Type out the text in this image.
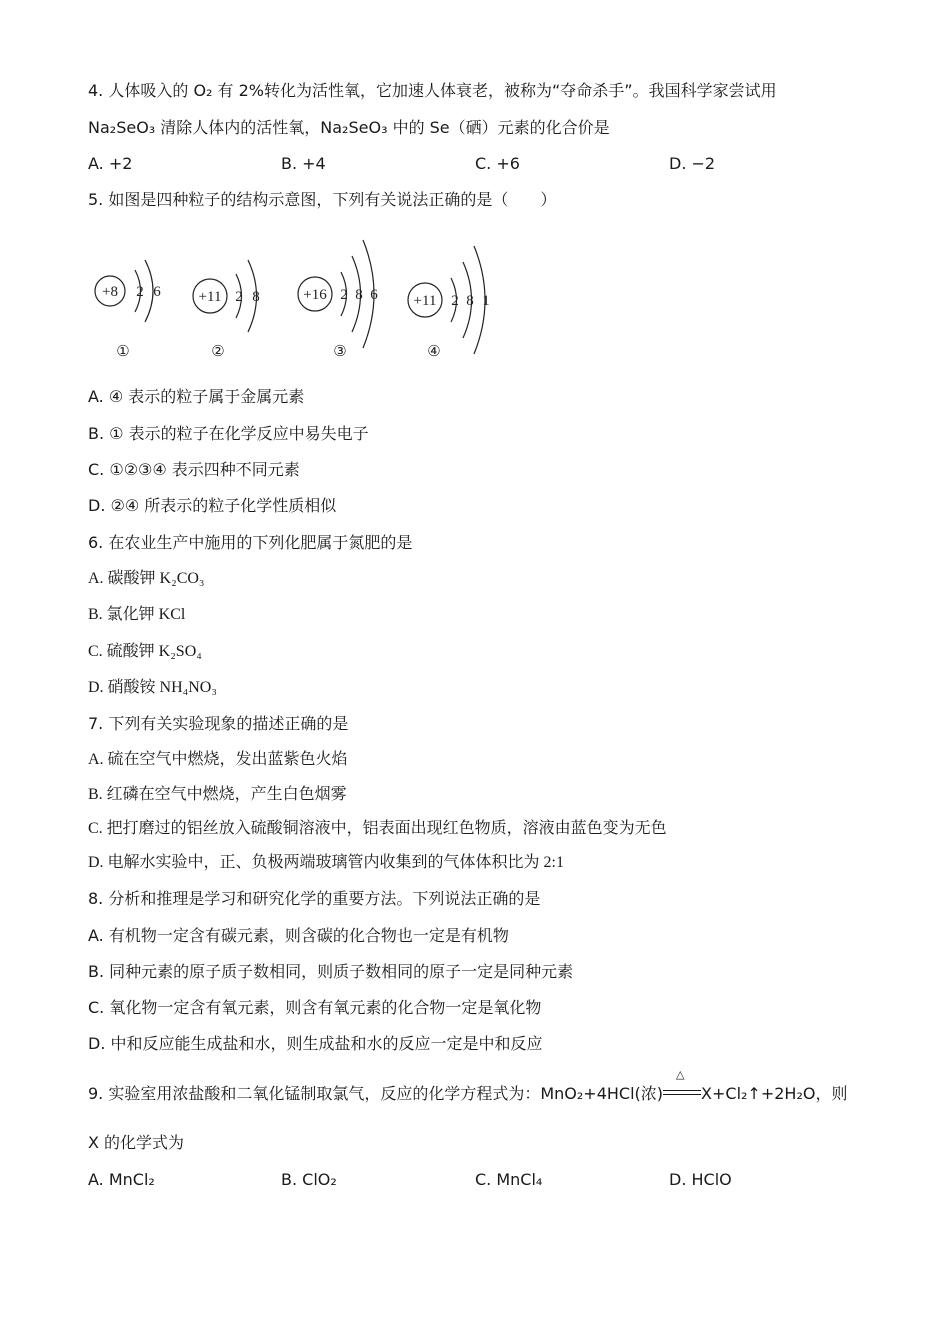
4. 人体吸入的 O₂ 有 2%转化为活性氧，它加速人体衰老，被称为“夺命杀手”。我国科学家尝试用
Na₂SeO₃ 清除人体内的活性氧，Na₂SeO₃ 中的 Se（硒）元素的化合价是
A. +2	B. +4	C. +6	D. −2
5. 如图是四种粒子的结构示意图，下列有关说法正确的是（　　）
+8 2 6
①
+11 2 8
②
+16 2 8 6
③
+11 2 8 1
④
A. ④ 表示的粒子属于金属元素
B. ① 表示的粒子在化学反应中易失电子
C. ①②③④ 表示四种不同元素
D. ②④ 所表示的粒子化学性质相似
6. 在农业生产中施用的下列化肥属于氮肥的是
A. 碳酸钾 K₂CO₃
B. 氯化钾 KCl
C. 硫酸钾 K₂SO₄
D. 硝酸铵 NH₄NO₃
7. 下列有关实验现象的描述正确的是
A. 硫在空气中燃烧，发出蓝紫色火焰
B. 红磷在空气中燃烧，产生白色烟雾
C. 把打磨过的铝丝放入硫酸铜溶液中，铝表面出现红色物质，溶液由蓝色变为无色
D. 电解水实验中，正、负极两端玻璃管内收集到的气体体积比为 2:1
8. 分析和推理是学习和研究化学的重要方法。下列说法正确的是
A. 有机物一定含有碳元素，则含碳的化合物也一定是有机物
B. 同种元素的原子质子数相同，则质子数相同的原子一定是同种元素
C. 氧化物一定含有氧元素，则含有氧元素的化合物一定是氧化物
D. 中和反应能生成盐和水，则生成盐和水的反应一定是中和反应
9. 实验室用浓盐酸和二氧化锰制取氯气，反应的化学方程式为：MnO₂+4HCl(浓)
△
X+Cl₂↑+2H₂O，则
X 的化学式为
A. MnCl₂	B. ClO₂	C. MnCl₄	D. HClO
